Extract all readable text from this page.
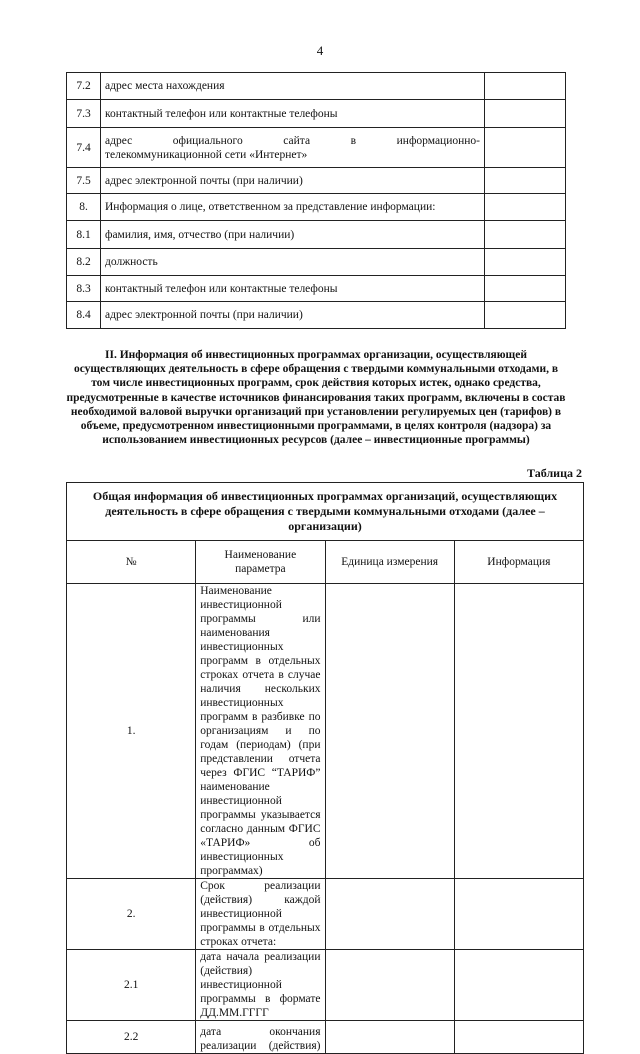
4
7.2	адрес места нахождения	
7.3	контактный телефон или контактные телефоны	
7.4	адрес официального сайта в информационно-
телекоммуникационной сети «Интернет»	

7.5	адрес электронной почты (при наличии)	
8.	Информация о лице, ответственном за представление информации:	
8.1	фамилия, имя, отчество (при наличии)	
8.2	должность	
8.3	контактный телефон или контактные телефоны	
8.4	адрес электронной почты (при наличии)	
II. Информация об инвестиционных программах организации, осуществляющей осуществляющих деятельность в сфере обращения с твердыми коммунальными отходами, в том числе инвестиционных программ, срок действия которых истек, однако средства, предусмотренные в качестве источников финансирования таких программ, включены в состав необходимой валовой выручки организаций при установлении регулируемых цен (тарифов) в объеме, предусмотренном инвестиционными программами, в целях контроля (надзора) за использованием инвестиционных ресурсов (далее – инвестиционные программы)
Таблица 2
Общая информация об инвестиционных программах организаций, осуществляющих деятельность в сфере обращения с твердыми коммунальными отходами (далее – организации)			
№	Наименование параметра	Единица измерения	Информация
1.	Наименование инвестиционной программы или наименования инвестиционных программ в отдельных строках отчета в случае наличия нескольких инвестиционных программ в разбивке по организациям и по годам (периодам) (при представлении отчета через ФГИС “ТАРИФ” наименование инвестиционной программы указывается согласно данным ФГИС «ТАРИФ» об инвестиционных программах)		
2.	Срок реализации (действия) каждой инвестиционной программы в отдельных строках отчета:		
2.1	дата начала реализации (действия) инвестиционной программы в формате ДД.ММ.ГГГГ		
2.2	дата окончания реализации (действия)		
